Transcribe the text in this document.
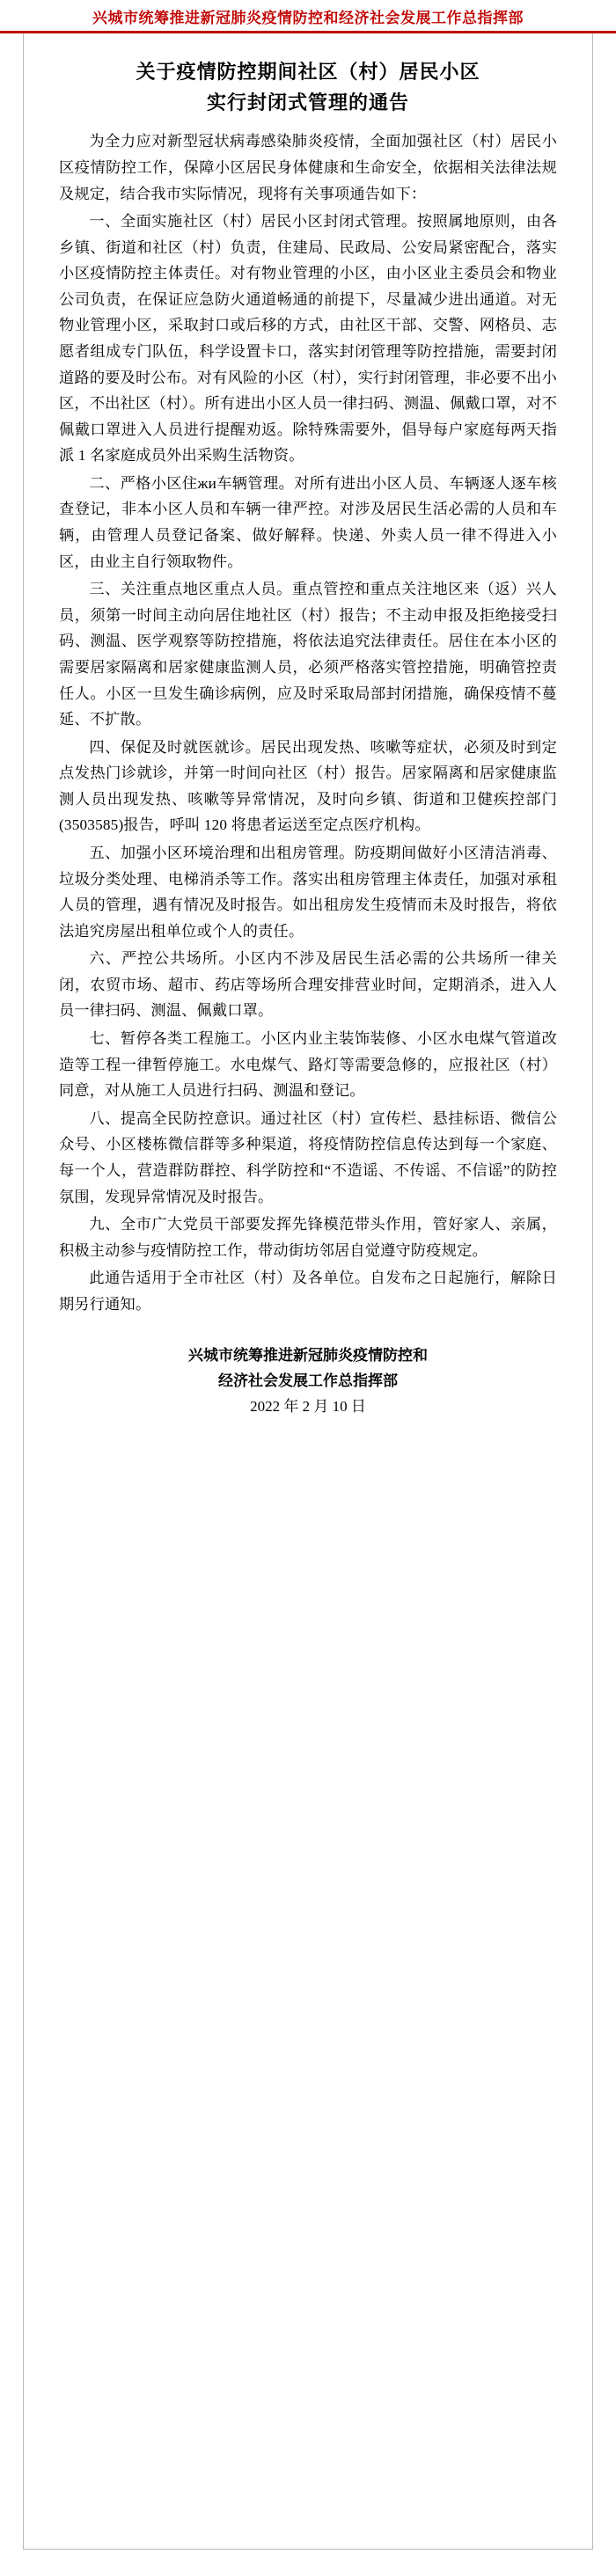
兴城市统筹推进新冠肺炎疫情防控和经济社会发展工作总指挥部
关于疫情防控期间社区（村）居民小区
实行封闭式管理的通告

为全力应对新型冠状病毒感染肺炎疫情，全面加强社区（村）居民小区疫情防控工作，保障小区居民身体健康和生命安全，依据相关法律法规及规定，结合我市实际情况，现将有关事项通告如下：

一、全面实施社区（村）居民小区封闭式管理。按照属地原则，由各乡镇、街道和社区（村）负责，住建局、民政局、公安局紧密配合，落实小区疫情防控主体责任。对有物业管理的小区，由小区业主委员会和物业公司负责，在保证应急防火通道畅通的前提下，尽量减少进出通道。对无物业管理小区，采取封口或后移的方式，由社区干部、交警、网格员、志愿者组成专门队伍，科学设置卡口，落实封闭管理等防控措施，需要封闭道路的要及时公布。对有风险的小区（村），实行封闭管理，非必要不出小区，不出社区（村）。所有进出小区人员一律扫码、测温、佩戴口罩，对不佩戴口罩进入人员进行提醒劝返。除特殊需要外，倡导每户家庭每两天指派 1 名家庭成员外出采购生活物资。

二、严格小区住жи车辆管理。对所有进出小区人员、车辆逐人逐车核查登记，非本小区人员和车辆一律严控。对涉及居民生活必需的人员和车辆，由管理人员登记备案、做好解释。快递、外卖人员一律不得进入小区，由业主自行领取物件。

三、关注重点地区重点人员。重点管控和重点关注地区来（返）兴人员，须第一时间主动向居住地社区（村）报告；不主动申报及拒绝接受扫码、测温、医学观察等防控措施，将依法追究法律责任。居住在本小区的需要居家隔离和居家健康监测人员，必须严格落实管控措施，明确管控责任人。小区一旦发生确诊病例，应及时采取局部封闭措施，确保疫情不蔓延、不扩散。

四、保促及时就医就诊。居民出现发热、咳嗽等症状，必须及时到定点发热门诊就诊，并第一时间向社区（村）报告。居家隔离和居家健康监测人员出现发热、咳嗽等异常情况，及时向乡镇、街道和卫健疾控部门(3503585)报告，呼叫 120 将患者运送至定点医疗机构。

五、加强小区环境治理和出租房管理。防疫期间做好小区清洁消毒、垃圾分类处理、电梯消杀等工作。落实出租房管理主体责任，加强对承租人员的管理，遇有情况及时报告。如出租房发生疫情而未及时报告，将依法追究房屋出租单位或个人的责任。

六、严控公共场所。小区内不涉及居民生活必需的公共场所一律关闭，农贸市场、超市、药店等场所合理安排营业时间，定期消杀，进入人员一律扫码、测温、佩戴口罩。

七、暂停各类工程施工。小区内业主装饰装修、小区水电煤气管道改造等工程一律暂停施工。水电煤气、路灯等需要急修的，应报社区（村）同意，对从施工人员进行扫码、测温和登记。

八、提高全民防控意识。通过社区（村）宣传栏、悬挂标语、微信公众号、小区楼栋微信群等多种渠道，将疫情防控信息传达到每一个家庭、每一个人，营造群防群控、科学防控和“不造谣、不传谣、不信谣”的防控氛围，发现异常情况及时报告。

九、全市广大党员干部要发挥先锋模范带头作用，管好家人、亲属，积极主动参与疫情防控工作，带动街坊邻居自觉遵守防疫规定。

此通告适用于全市社区（村）及各单位。自发布之日起施行，解除日期另行通知。

兴城市统筹推进新冠肺炎疫情防控和
经济社会发展工作总指挥部
2022 年 2 月 10 日
